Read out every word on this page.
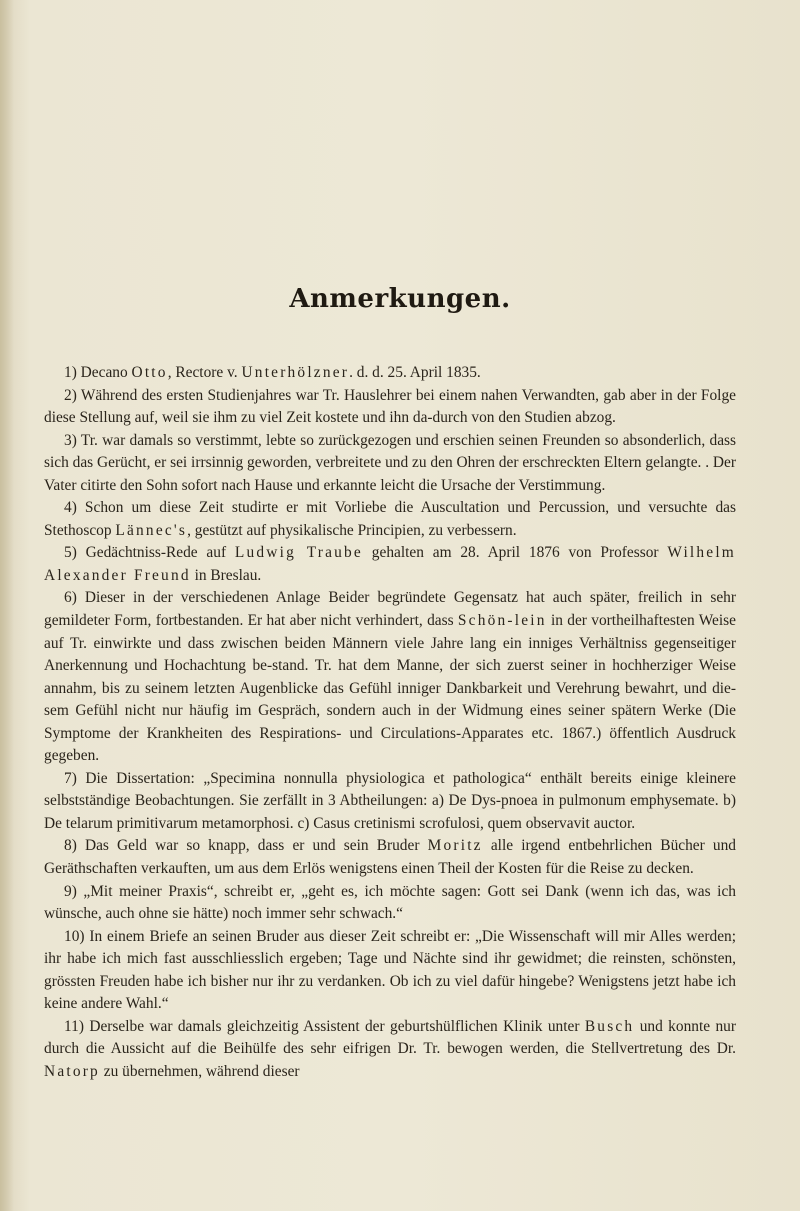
Anmerkungen.

1) Decano Otto, Rectore v. Unterhölzner. d. d. 25. April 1835.

2) Während des ersten Studienjahres war Tr. Hauslehrer bei einem nahen Verwandten, gab aber in der Folge diese Stellung auf, weil sie ihm zu viel Zeit kostete und ihn da-durch von den Studien abzog.

3) Tr. war damals so verstimmt, lebte so zurückgezogen und erschien seinen Freunden so absonderlich, dass sich das Gerücht, er sei irrsinnig geworden, verbreitete und zu den Ohren der erschreckten Eltern gelangte. . Der Vater citirte den Sohn sofort nach Hause und erkannte leicht die Ursache der Verstimmung.

4) Schon um diese Zeit studirte er mit Vorliebe die Auscultation und Percussion, und versuchte das Stethoscop Lännec's, gestützt auf physikalische Principien, zu verbessern.

5) Gedächtniss-Rede auf Ludwig Traube gehalten am 28. April 1876 von Professor Wilhelm Alexander Freund in Breslau.

6) Dieser in der verschiedenen Anlage Beider begründete Gegensatz hat auch später, freilich in sehr gemildeter Form, fortbestanden. Er hat aber nicht verhindert, dass Schön-lein in der vortheilhaftesten Weise auf Tr. einwirkte und dass zwischen beiden Männern viele Jahre lang ein inniges Verhältniss gegenseitiger Anerkennung und Hochachtung be-stand. Tr. hat dem Manne, der sich zuerst seiner in hochherziger Weise annahm, bis zu seinem letzten Augenblicke das Gefühl inniger Dankbarkeit und Verehrung bewahrt, und die-sem Gefühl nicht nur häufig im Gespräch, sondern auch in der Widmung eines seiner spätern Werke (Die Symptome der Krankheiten des Respirations- und Circulations-Apparates etc. 1867.) öffentlich Ausdruck gegeben.

7) Die Dissertation: „Specimina nonnulla physiologica et pathologica“ enthält bereits einige kleinere selbstständige Beobachtungen. Sie zerfällt in 3 Abtheilungen: a) De Dys-pnoea in pulmonum emphysemate. b) De telarum primitivarum metamorphosi. c) Casus cretinismi scrofulosi, quem observavit auctor.

8) Das Geld war so knapp, dass er und sein Bruder Moritz alle irgend entbehrlichen Bücher und Geräthschaften verkauften, um aus dem Erlös wenigstens einen Theil der Kosten für die Reise zu decken.

9) „Mit meiner Praxis“, schreibt er, „geht es, ich möchte sagen: Gott sei Dank (wenn ich das, was ich wünsche, auch ohne sie hätte) noch immer sehr schwach.“

10) In einem Briefe an seinen Bruder aus dieser Zeit schreibt er: „Die Wissenschaft will mir Alles werden; ihr habe ich mich fast ausschliesslich ergeben; Tage und Nächte sind ihr gewidmet; die reinsten, schönsten, grössten Freuden habe ich bisher nur ihr zu verdanken. Ob ich zu viel dafür hingebe? Wenigstens jetzt habe ich keine andere Wahl.“

11) Derselbe war damals gleichzeitig Assistent der geburtshülflichen Klinik unter Busch und konnte nur durch die Aussicht auf die Beihülfe des sehr eifrigen Dr. Tr. bewogen werden, die Stellvertretung des Dr. Natorp zu übernehmen, während dieser
